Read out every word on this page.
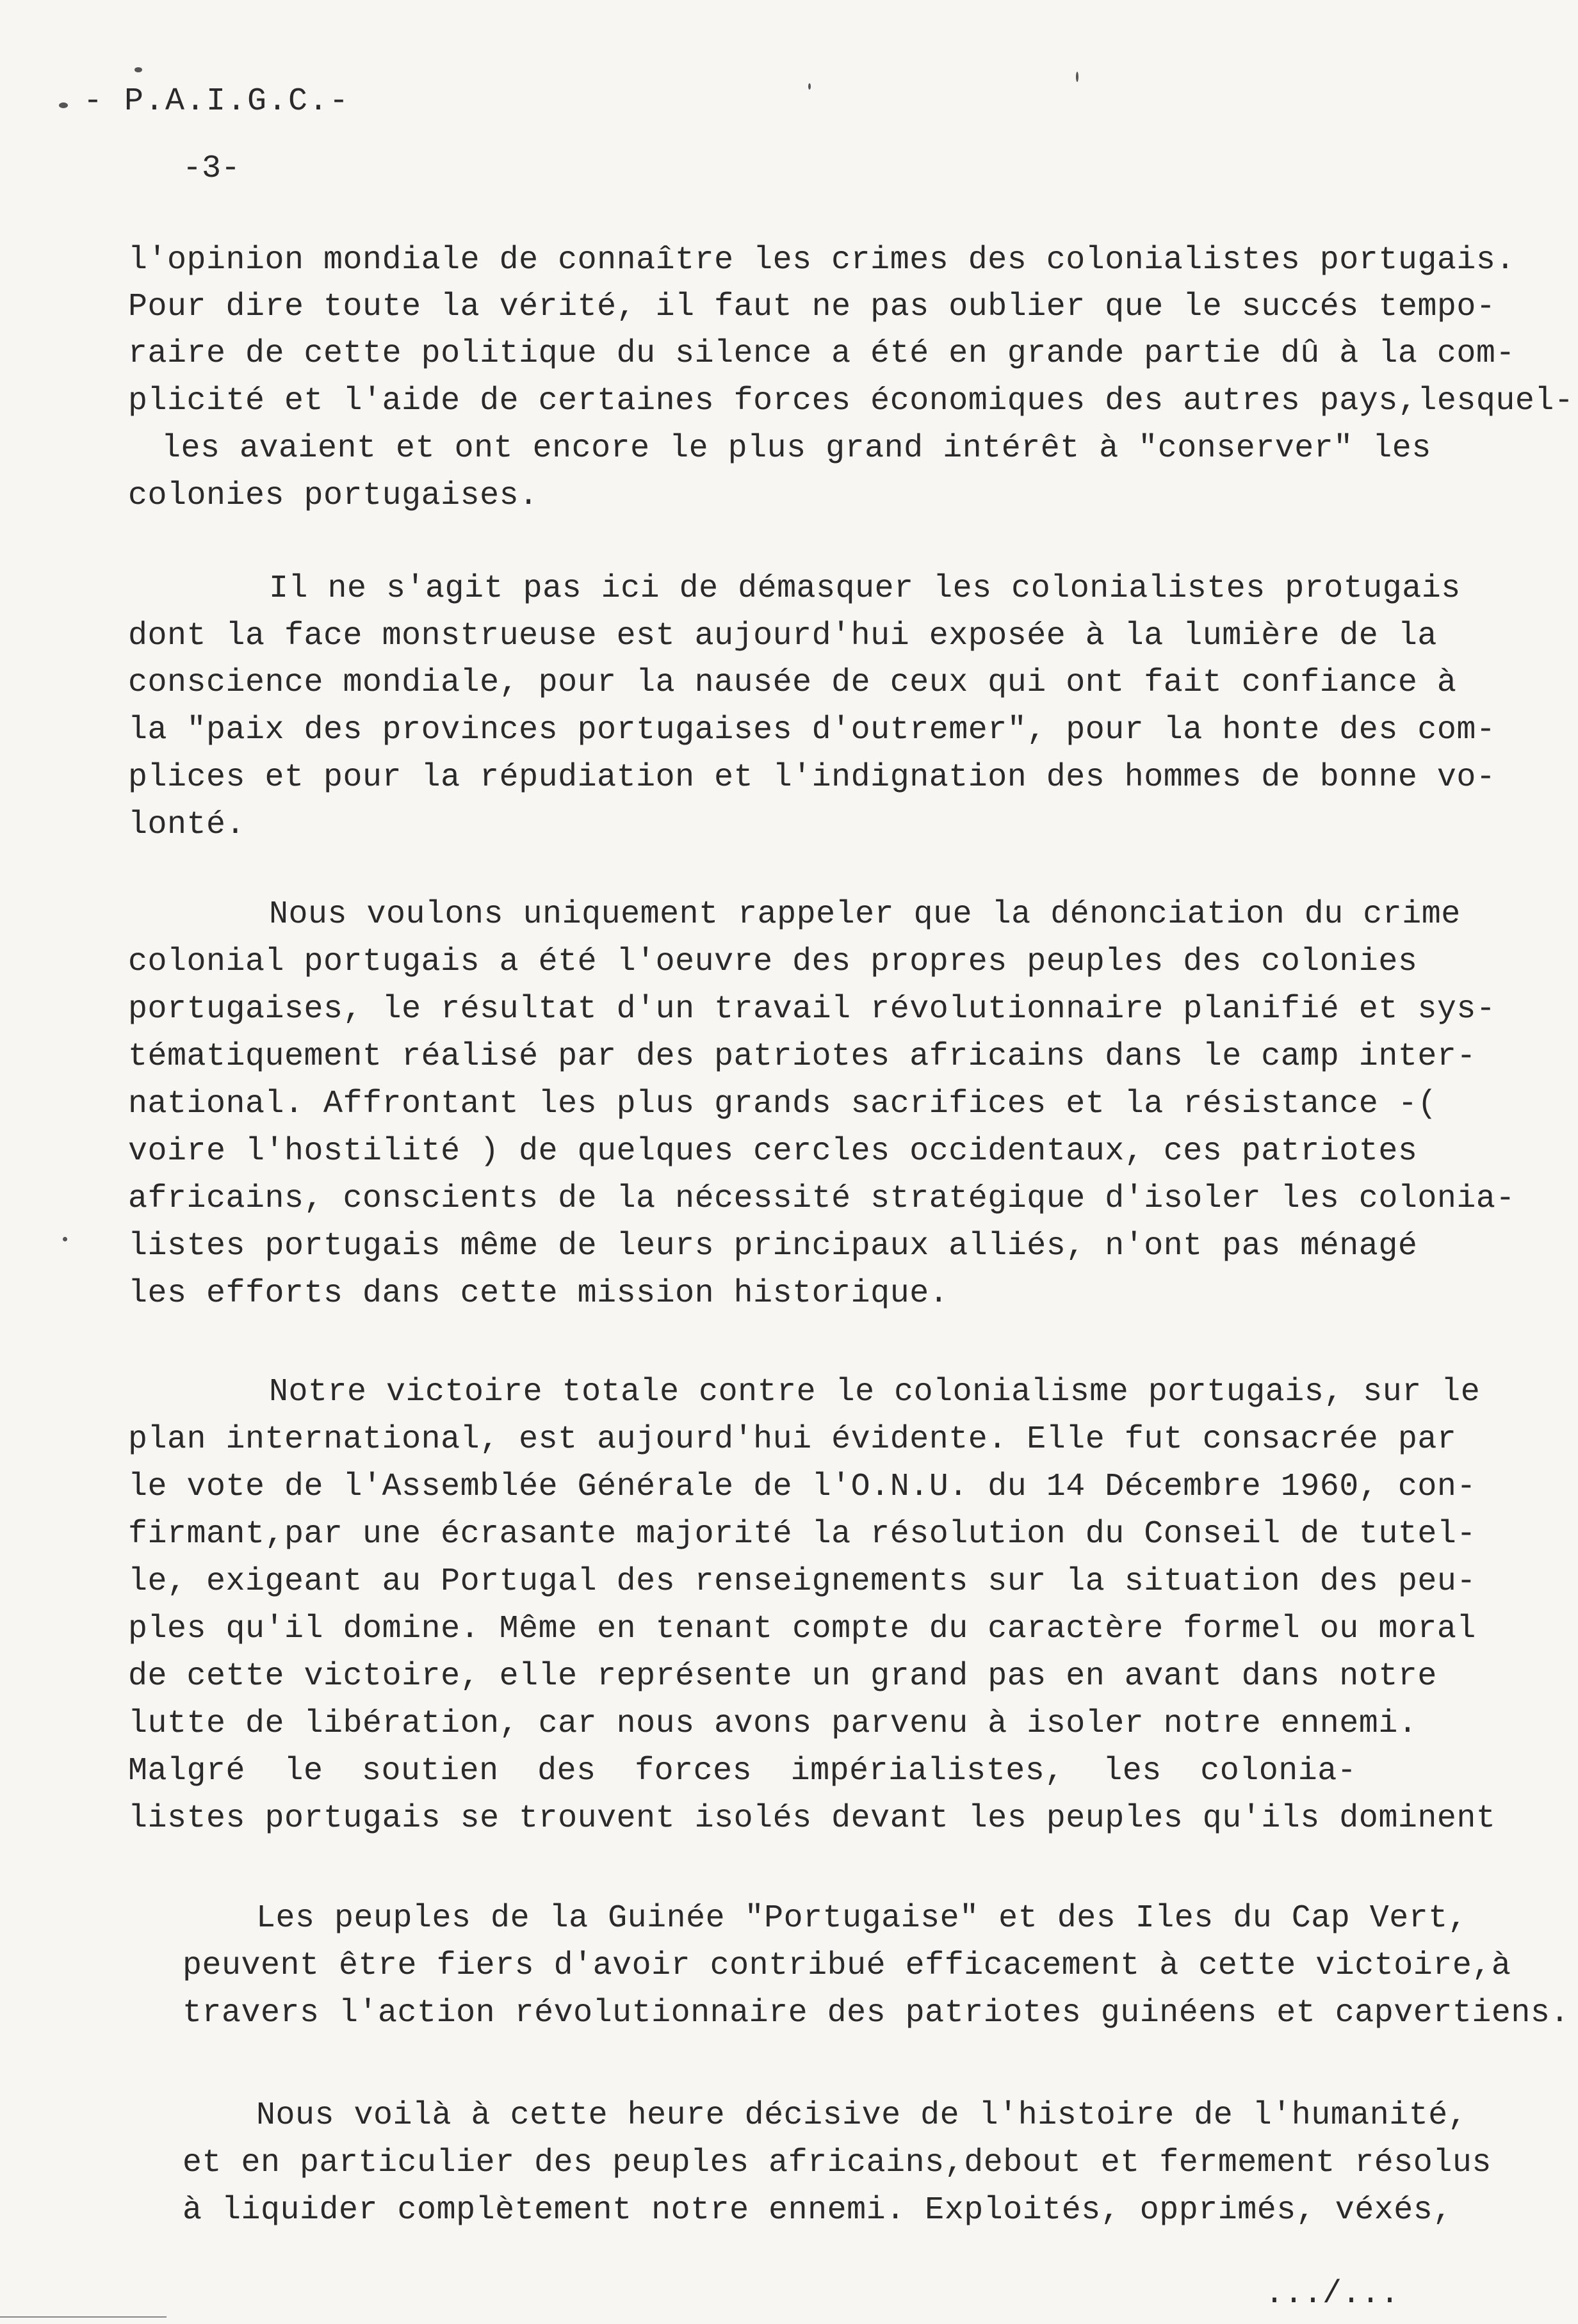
- P.A.I.G.C.-
-3-
l'opinion mondiale de connaître les crimes des colonialistes portugais.
Pour dire toute la vérité, il faut ne pas oublier que le succés tempo-
raire de cette politique du silence a été en grande partie dû à la com-
plicité et l'aide de certaines forces économiques des autres pays,lesquel-
les avaient et ont encore le plus grand intérêt à "conserver" les
colonies portugaises.
Il ne s'agit pas ici de démasquer les colonialistes protugais
dont la face monstrueuse est aujourd'hui exposée à la lumière de la
conscience mondiale, pour la nausée de ceux qui ont fait confiance à
la "paix des provinces portugaises d'outremer", pour la honte des com-
plices et pour la répudiation et l'indignation des hommes de bonne vo-
lonté.
Nous voulons uniquement rappeler que la dénonciation du crime
colonial portugais a été l'oeuvre des propres peuples des colonies
portugaises, le résultat d'un travail révolutionnaire planifié et sys-
tématiquement réalisé par des patriotes africains dans le camp inter-
national. Affrontant les plus grands sacrifices et la résistance -(
voire l'hostilité ) de quelques cercles occidentaux, ces patriotes
africains, conscients de la nécessité stratégique d'isoler les colonia-
listes portugais même de leurs principaux alliés, n'ont pas ménagé
les efforts dans cette mission historique.
Notre victoire totale contre le colonialisme portugais, sur le
plan international, est aujourd'hui évidente. Elle fut consacrée par
le vote de l'Assemblée Générale de l'O.N.U. du 14 Décembre 1960, con-
firmant,par une écrasante majorité la résolution du Conseil de tutel-
le, exigeant au Portugal des renseignements sur la situation des peu-
ples qu'il domine. Même en tenant compte du caractère formel ou moral
de cette victoire, elle représente un grand pas en avant dans notre
lutte de libération, car nous avons parvenu à isoler notre ennemi.
Malgré le soutien des forces impérialistes, les colonia-
listes portugais se trouvent isolés devant les peuples qu'ils dominent
Les peuples de la Guinée "Portugaise" et des Iles du Cap Vert,
peuvent être fiers d'avoir contribué efficacement à cette victoire,à
travers l'action révolutionnaire des patriotes guinéens et capvertiens.
Nous voilà à cette heure décisive de l'histoire de l'humanité,
et en particulier des peuples africains,debout et fermement résolus
à liquider complètement notre ennemi. Exploités, opprimés, véxés,
.../...
